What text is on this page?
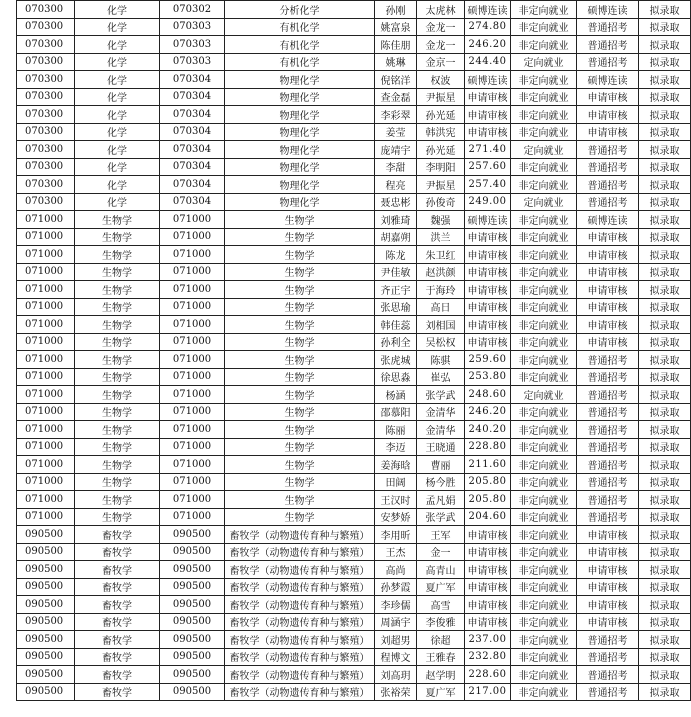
070300	化学	070302	分析化学	孙刚	太虎林	硕博连读	非定向就业	硕博连读	拟录取
070300	化学	070303	有机化学	姚富泉	金龙一	274.80	非定向就业	普通招考	拟录取
070300	化学	070303	有机化学	陈佳朋	金龙一	246.20	非定向就业	普通招考	拟录取
070300	化学	070303	有机化学	姚琳	金京一	244.40	定向就业	普通招考	拟录取
070300	化学	070304	物理化学	倪铭洋	权波	硕博连读	非定向就业	硕博连读	拟录取
070300	化学	070304	物理化学	查金磊	尹振星	申请审核	非定向就业	申请审核	拟录取
070300	化学	070304	物理化学	李彩翠	孙光延	申请审核	非定向就业	申请审核	拟录取
070300	化学	070304	物理化学	姜莹	韩洪宪	申请审核	非定向就业	申请审核	拟录取
070300	化学	070304	物理化学	庞靖宇	孙光延	271.40	定向就业	普通招考	拟录取
070300	化学	070304	物理化学	李甜	李明阳	257.60	非定向就业	普通招考	拟录取
070300	化学	070304	物理化学	程亮	尹振星	257.40	非定向就业	普通招考	拟录取
070300	化学	070304	物理化学	聂忠彬	孙俊奇	249.00	定向就业	普通招考	拟录取
071000	生物学	071000	生物学	刘雅琦	魏强	硕博连读	非定向就业	硕博连读	拟录取
071000	生物学	071000	生物学	胡嘉朔	洪兰	申请审核	非定向就业	申请审核	拟录取
071000	生物学	071000	生物学	陈龙	朱卫红	申请审核	非定向就业	申请审核	拟录取
071000	生物学	071000	生物学	尹佳敏	赵洪颜	申请审核	非定向就业	申请审核	拟录取
071000	生物学	071000	生物学	齐正宇	于海玲	申请审核	非定向就业	申请审核	拟录取
071000	生物学	071000	生物学	张思瑜	高日	申请审核	非定向就业	申请审核	拟录取
071000	生物学	071000	生物学	韩佳蕊	刘相国	申请审核	非定向就业	申请审核	拟录取
071000	生物学	071000	生物学	孙利全	吴松权	申请审核	非定向就业	申请审核	拟录取
071000	生物学	071000	生物学	张虎城	陈骐	259.60	非定向就业	普通招考	拟录取
071000	生物学	071000	生物学	徐思淼	崔弘	253.80	非定向就业	普通招考	拟录取
071000	生物学	071000	生物学	杨涵	张学武	248.60	定向就业	普通招考	拟录取
071000	生物学	071000	生物学	邵慕阳	金清华	246.20	非定向就业	普通招考	拟录取
071000	生物学	071000	生物学	陈丽	金清华	240.20	非定向就业	普通招考	拟录取
071000	生物学	071000	生物学	李迈	王晓通	228.80	非定向就业	普通招考	拟录取
071000	生物学	071000	生物学	姜海晗	曹丽	211.60	非定向就业	普通招考	拟录取
071000	生物学	071000	生物学	田阔	杨今胜	205.80	非定向就业	普通招考	拟录取
071000	生物学	071000	生物学	王汉时	孟凡娟	205.80	非定向就业	普通招考	拟录取
071000	生物学	071000	生物学	安梦娇	张学武	204.60	非定向就业	普通招考	拟录取
090500	畜牧学	090500	畜牧学（动物遗传育种与繁殖）	李用昕	王军	申请审核	非定向就业	申请审核	拟录取
090500	畜牧学	090500	畜牧学（动物遗传育种与繁殖）	王杰	金一	申请审核	非定向就业	申请审核	拟录取
090500	畜牧学	090500	畜牧学（动物遗传育种与繁殖）	高尚	高青山	申请审核	非定向就业	申请审核	拟录取
090500	畜牧学	090500	畜牧学（动物遗传育种与繁殖）	孙梦霞	夏广军	申请审核	非定向就业	申请审核	拟录取
090500	畜牧学	090500	畜牧学（动物遗传育种与繁殖）	李珍儒	高雪	申请审核	非定向就业	申请审核	拟录取
090500	畜牧学	090500	畜牧学（动物遗传育种与繁殖）	周涵宇	李俊雅	申请审核	非定向就业	申请审核	拟录取
090500	畜牧学	090500	畜牧学（动物遗传育种与繁殖）	刘超男	徐超	237.00	非定向就业	普通招考	拟录取
090500	畜牧学	090500	畜牧学（动物遗传育种与繁殖）	程博文	王雅春	232.80	非定向就业	普通招考	拟录取
090500	畜牧学	090500	畜牧学（动物遗传育种与繁殖）	刘高玥	赵学明	228.60	非定向就业	普通招考	拟录取
090500	畜牧学	090500	畜牧学（动物遗传育种与繁殖）	张裕荣	夏广军	217.00	非定向就业	普通招考	拟录取
